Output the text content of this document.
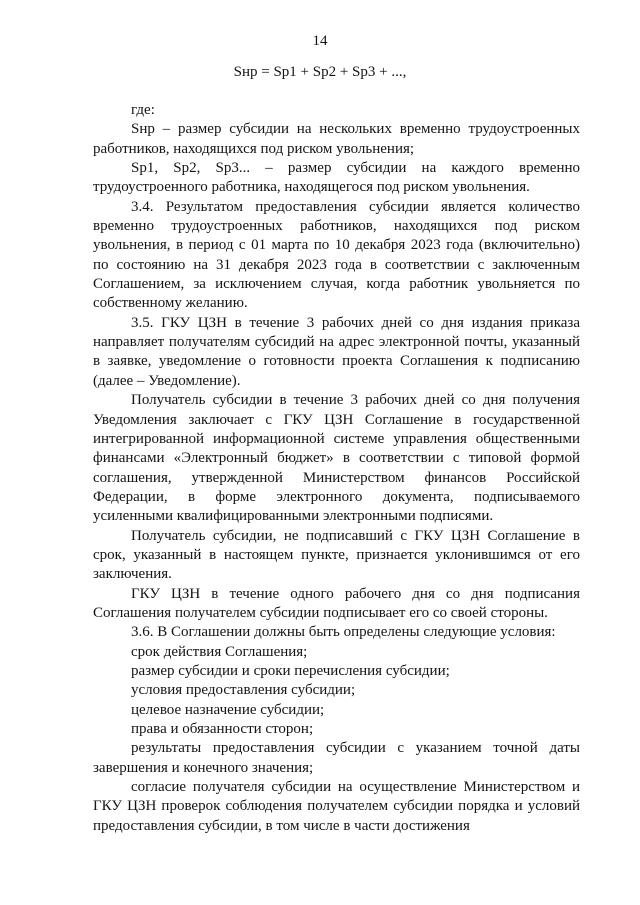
14
Sнр = Sp1 + Sp2 + Sp3 + ...,

где:

Sнр – размер субсидии на нескольких временно трудоустроенных работников, находящихся под риском увольнения;

Sp1, Sp2, Sp3... – размер субсидии на каждого временно трудоустроенного работника, находящегося под риском увольнения.

3.4. Результатом предоставления субсидии является количество временно трудоустроенных работников, находящихся под риском увольнения, в период с 01 марта по 10 декабря 2023 года (включительно) по состоянию на 31 декабря 2023 года в соответствии с заключенным Соглашением, за исключением случая, когда работник увольняется по собственному желанию.

3.5. ГКУ ЦЗН в течение 3 рабочих дней со дня издания приказа направляет получателям субсидий на адрес электронной почты, указанный в заявке, уведомление о готовности проекта Соглашения к подписанию (далее – Уведомление).

Получатель субсидии в течение 3 рабочих дней со дня получения Уведомления заключает с ГКУ ЦЗН Соглашение в государственной интегрированной информационной системе управления общественными финансами «Электронный бюджет» в соответствии с типовой формой соглашения, утвержденной Министерством финансов Российской Федерации, в форме электронного документа, подписываемого усиленными квалифицированными электронными подписями.

Получатель субсидии, не подписавший с ГКУ ЦЗН Соглашение в срок, указанный в настоящем пункте, признается уклонившимся от его заключения.

ГКУ ЦЗН в течение одного рабочего дня со дня подписания Соглашения получателем субсидии подписывает его со своей стороны.

3.6. В Соглашении должны быть определены следующие условия:

срок действия Соглашения;

размер субсидии и сроки перечисления субсидии;

условия предоставления субсидии;

целевое назначение субсидии;

права и обязанности сторон;

результаты предоставления субсидии с указанием точной даты завершения и конечного значения;

согласие получателя субсидии на осуществление Министерством и ГКУ ЦЗН проверок соблюдения получателем субсидии порядка и условий предоставления субсидии, в том числе в части достижения
